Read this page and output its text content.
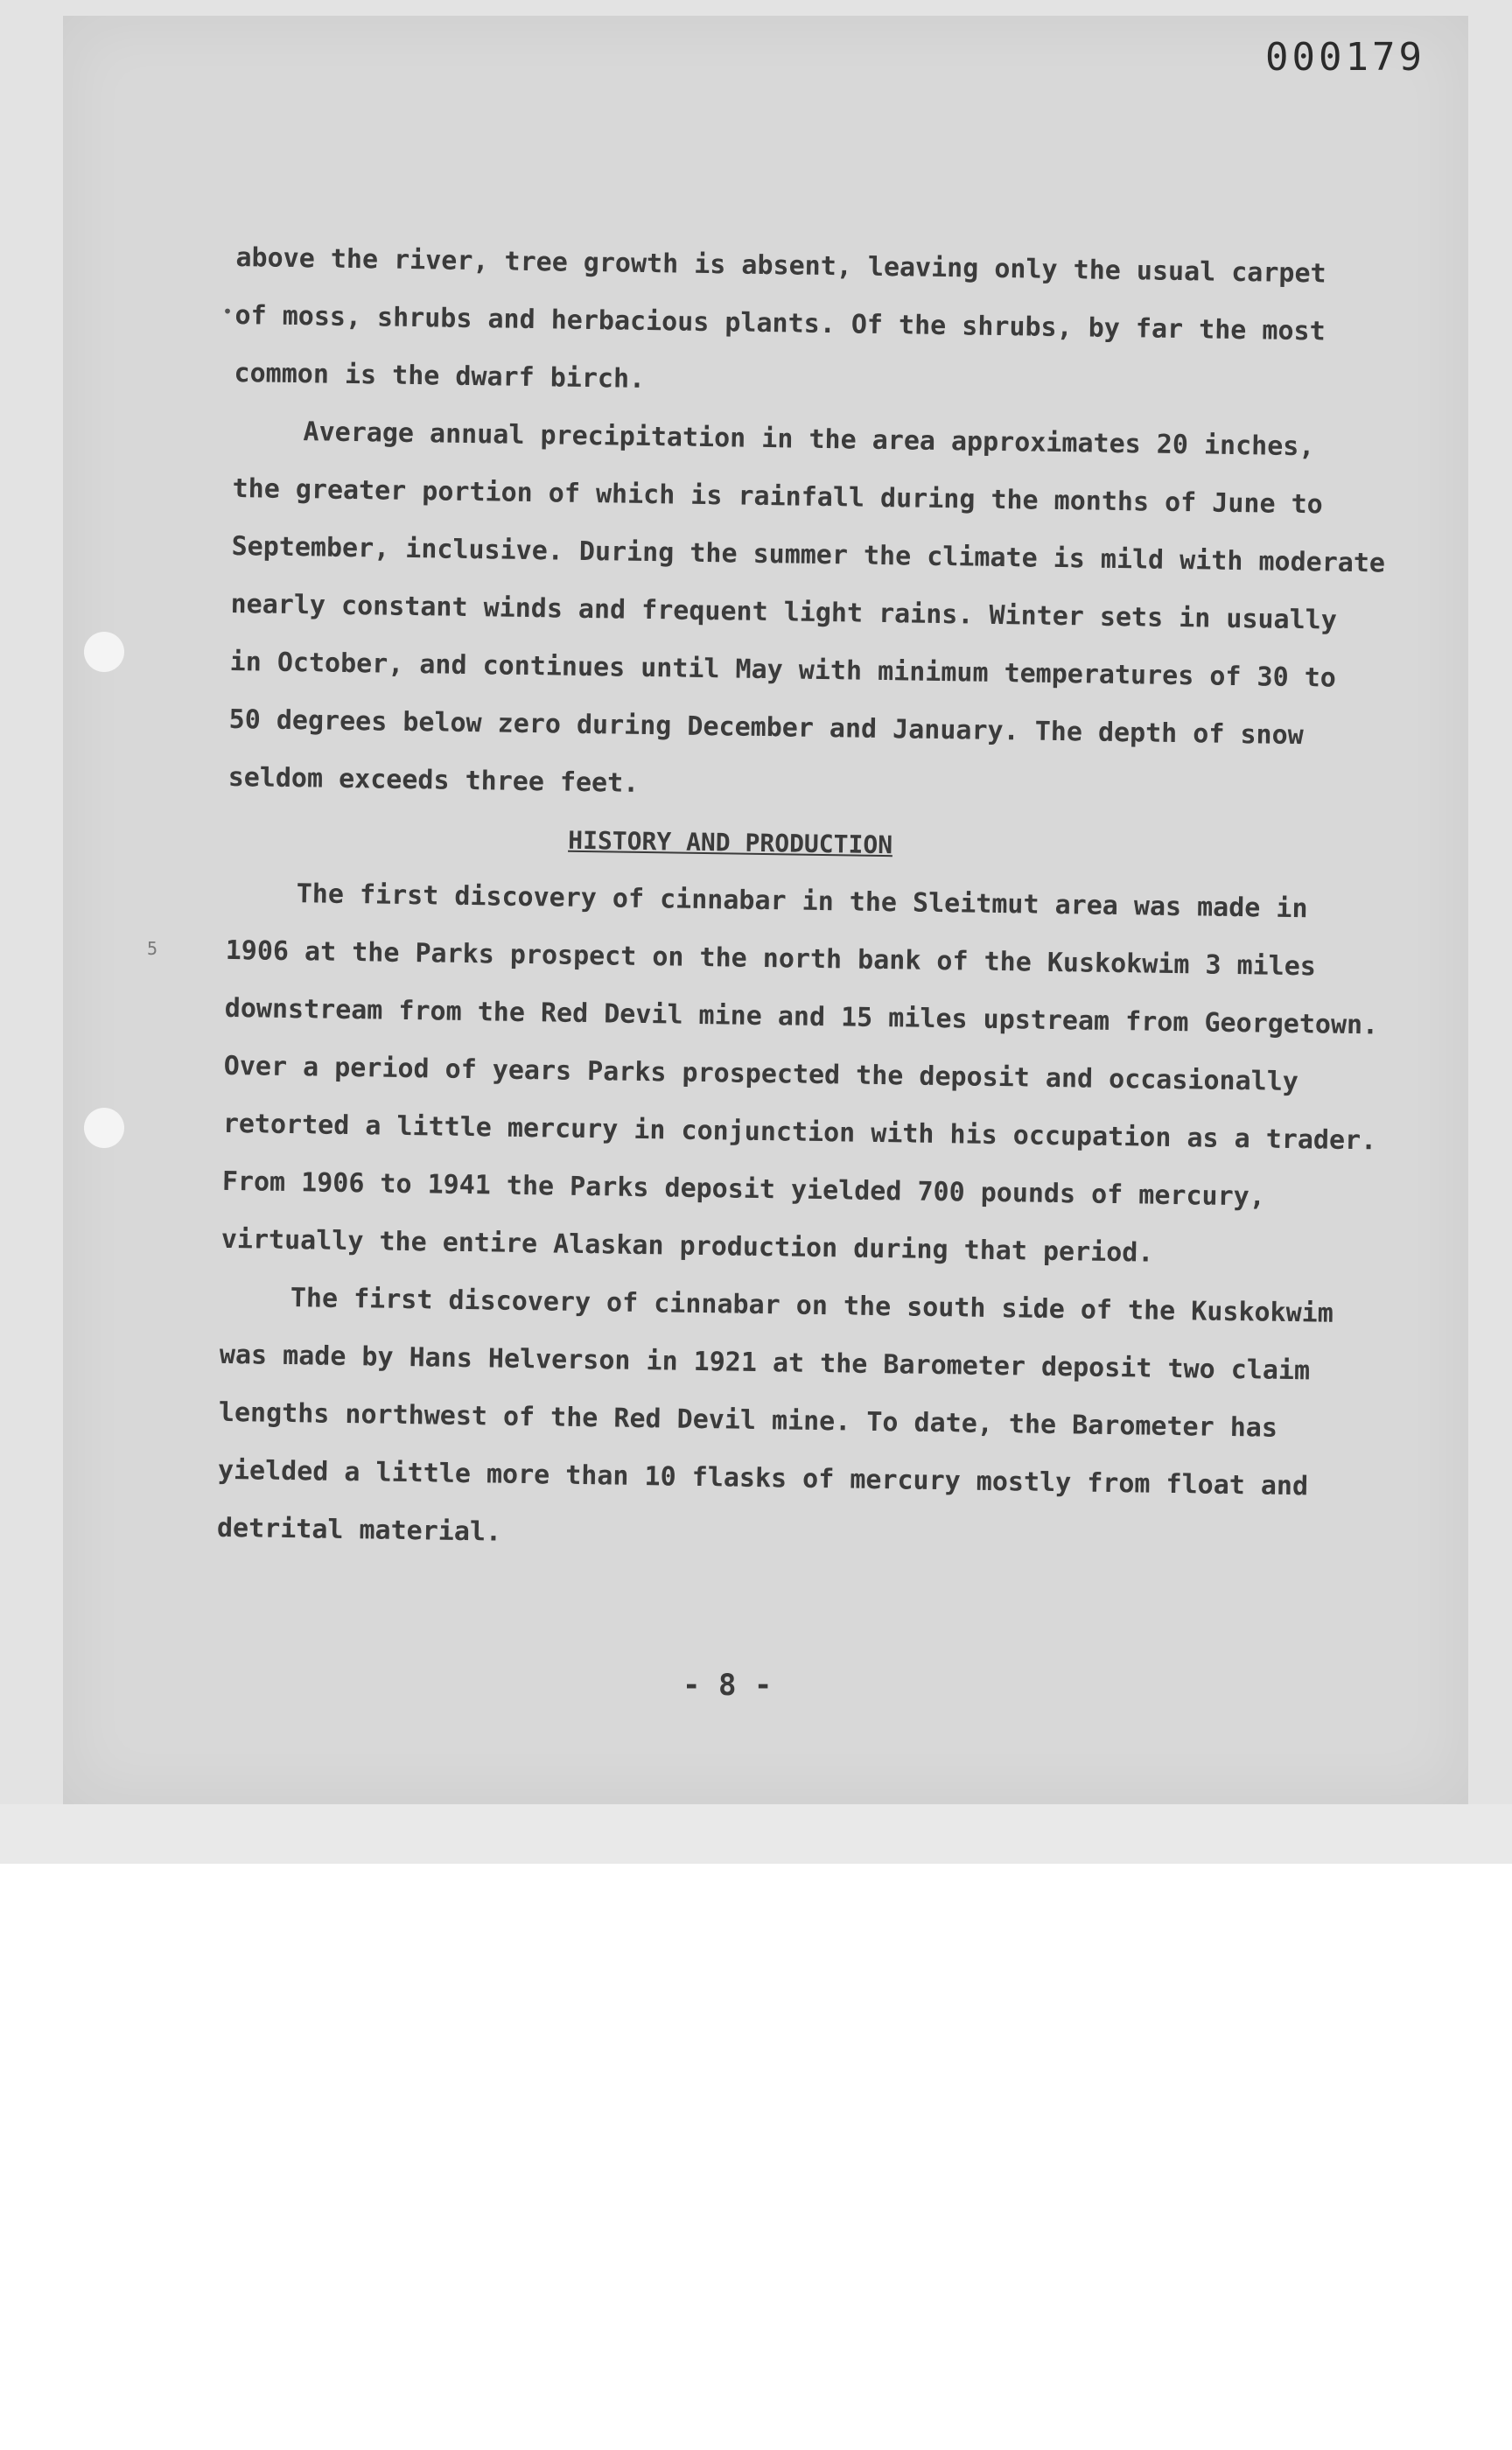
000179
•
5
above the river, tree growth is absent, leaving only the usual carpet
of moss, shrubs and herbacious plants. Of the shrubs, by far the most
common is the dwarf birch.
Average annual precipitation in the area approximates 20 inches,
the greater portion of which is rainfall during the months of June to
September, inclusive. During the summer the climate is mild with moderate
nearly constant winds and frequent light rains. Winter sets in usually
in October, and continues until May with minimum temperatures of 30 to
50 degrees below zero during December and January. The depth of snow
seldom exceeds three feet.
HISTORY AND PRODUCTION
The first discovery of cinnabar in the Sleitmut area was made in
1906 at the Parks prospect on the north bank of the Kuskokwim 3 miles
downstream from the Red Devil mine and 15 miles upstream from Georgetown.
Over a period of years Parks prospected the deposit and occasionally
retorted a little mercury in conjunction with his occupation as a trader.
From 1906 to 1941 the Parks deposit yielded 700 pounds of mercury,
virtually the entire Alaskan production during that period.
The first discovery of cinnabar on the south side of the Kuskokwim
was made by Hans Helverson in 1921 at the Barometer deposit two claim
lengths northwest of the Red Devil mine. To date, the Barometer has
yielded a little more than 10 flasks of mercury mostly from float and
detrital material.
- 8 -
